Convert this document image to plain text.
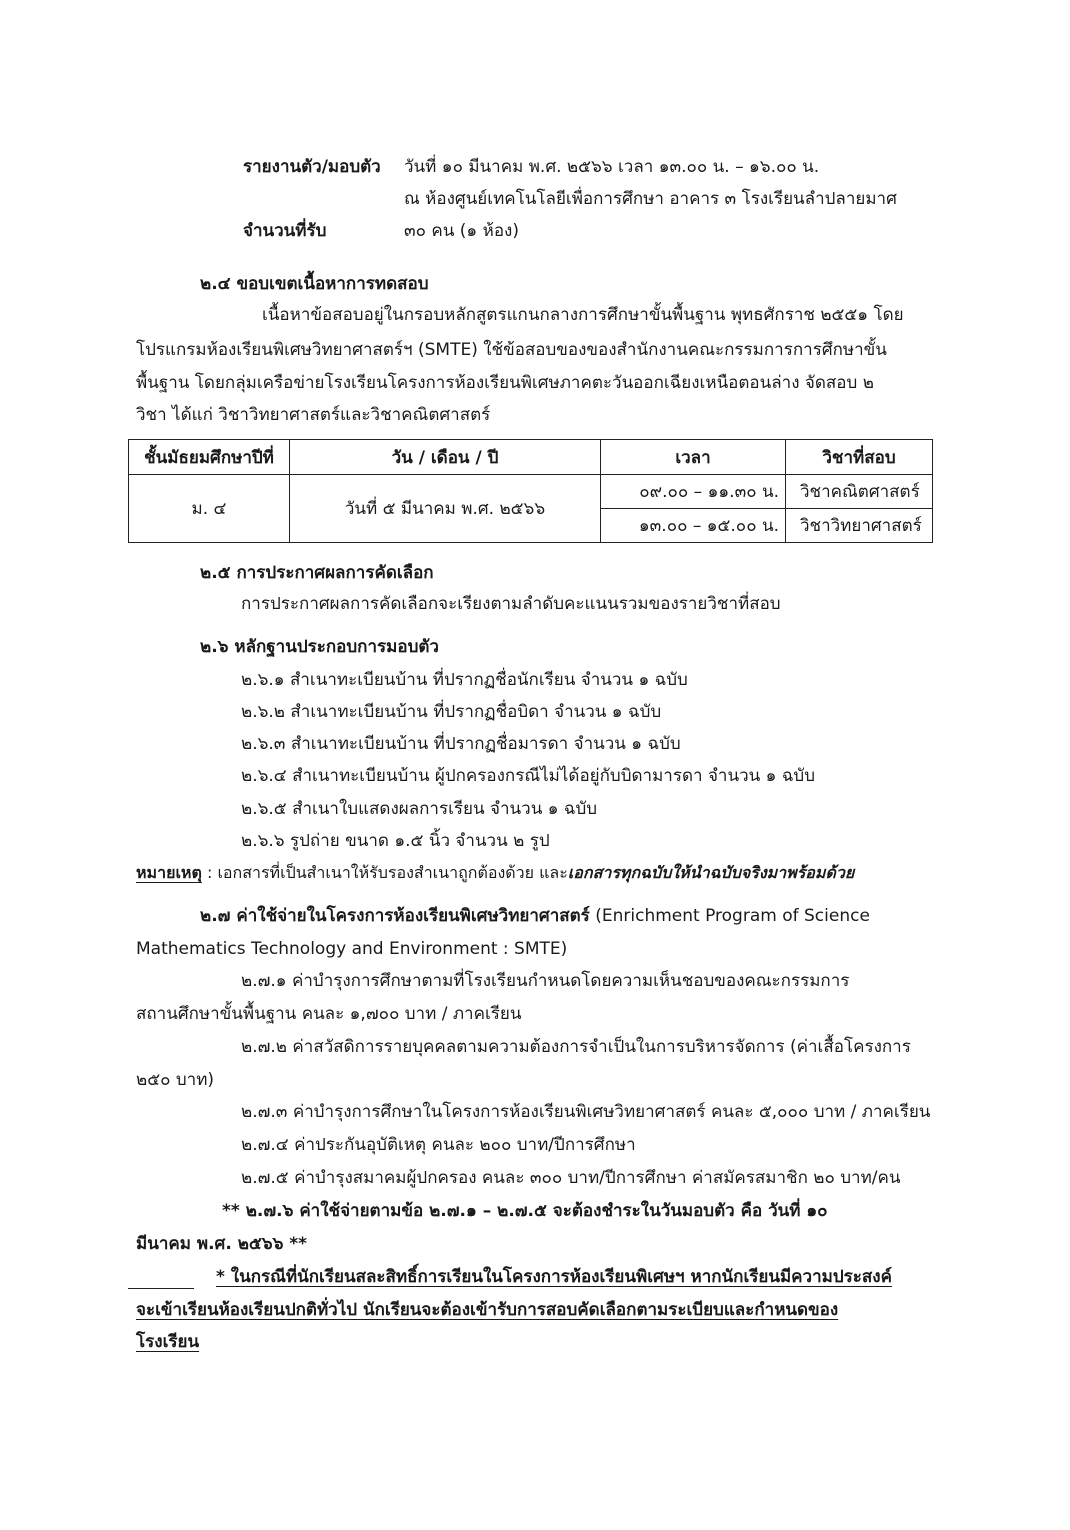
รายงานตัว/มอบตัว วันที่ ๑๐ มีนาคม พ.ศ. ๒๕๖๖ เวลา ๑๓.๐๐ น. – ๑๖.๐๐ น.
ณ ห้องศูนย์เทคโนโลยีเพื่อการศึกษา อาคาร ๓ โรงเรียนลำปลายมาศ
จำนวนที่รับ	๓๐ คน (๑ ห้อง)
๒.๔ ขอบเขตเนื้อหาการทดสอบ
เนื้อหาข้อสอบอยู่ในกรอบหลักสูตรแกนกลางการศึกษาขั้นพื้นฐาน พุทธศักราช ๒๕๕๑ โดย
โปรแกรมห้องเรียนพิเศษวิทยาศาสตร์ฯ (SMTE) ใช้ข้อสอบของของสำนักงานคณะกรรมการการศึกษาขั้น
พื้นฐาน โดยกลุ่มเครือข่ายโรงเรียนโครงการห้องเรียนพิเศษภาคตะวันออกเฉียงเหนือตอนล่าง จัดสอบ ๒
วิชา ได้แก่ วิชาวิทยาศาสตร์และวิชาคณิตศาสตร์
ชั้นมัธยมศึกษาปีที่	วัน / เดือน / ปี	เวลา	วิชาที่สอบ
ม. ๔	วันที่ ๕ มีนาคม พ.ศ. ๒๕๖๖	๐๙.๐๐ – ๑๑.๓๐ น.	วิชาคณิตศาสตร์
		๑๓.๐๐ – ๑๕.๐๐ น.	วิชาวิทยาศาสตร์
๒.๕ การประกาศผลการคัดเลือก
การประกาศผลการคัดเลือกจะเรียงตามลำดับคะแนนรวมของรายวิชาที่สอบ
๒.๖ หลักฐานประกอบการมอบตัว
๒.๖.๑ สำเนาทะเบียนบ้าน ที่ปรากฏชื่อนักเรียน จำนวน ๑ ฉบับ
๒.๖.๒ สำเนาทะเบียนบ้าน ที่ปรากฏชื่อบิดา จำนวน ๑ ฉบับ
๒.๖.๓ สำเนาทะเบียนบ้าน ที่ปรากฏชื่อมารดา จำนวน ๑ ฉบับ
๒.๖.๔ สำเนาทะเบียนบ้าน ผู้ปกครองกรณีไม่ได้อยู่กับบิดามารดา จำนวน ๑ ฉบับ
๒.๖.๕ สำเนาใบแสดงผลการเรียน จำนวน ๑ ฉบับ
๒.๖.๖ รูปถ่าย ขนาด ๑.๕ นิ้ว จำนวน ๒ รูป
หมายเหตุ : เอกสารที่เป็นสำเนาให้รับรองสำเนาถูกต้องด้วย และเอกสารทุกฉบับให้นำฉบับจริงมาพร้อมด้วย
๒.๗ ค่าใช้จ่ายในโครงการห้องเรียนพิเศษวิทยาศาสตร์ (Enrichment Program of Science
Mathematics Technology and Environment : SMTE)
๒.๗.๑ ค่าบำรุงการศึกษาตามที่โรงเรียนกำหนดโดยความเห็นชอบของคณะกรรมการ
สถานศึกษาขั้นพื้นฐาน คนละ ๑,๗๐๐ บาท / ภาคเรียน
๒.๗.๒ ค่าสวัสดิการรายบุคคลตามความต้องการจำเป็นในการบริหารจัดการ (ค่าเสื้อโครงการ
๒๕๐ บาท)
๒.๗.๓ ค่าบำรุงการศึกษาในโครงการห้องเรียนพิเศษวิทยาศาสตร์ คนละ ๕,๐๐๐ บาท / ภาคเรียน
๒.๗.๔ ค่าประกันอุบัติเหตุ คนละ ๒๐๐ บาท/ปีการศึกษา
๒.๗.๕ ค่าบำรุงสมาคมผู้ปกครอง คนละ ๓๐๐ บาท/ปีการศึกษา ค่าสมัครสมาชิก ๒๐ บาท/คน
** ๒.๗.๖ ค่าใช้จ่ายตามข้อ ๒.๗.๑ – ๒.๗.๕ จะต้องชำระในวันมอบตัว คือ วันที่ ๑๐
มีนาคม พ.ศ. ๒๕๖๖ **
* ในกรณีที่นักเรียนสละสิทธิ์การเรียนในโครงการห้องเรียนพิเศษฯ หากนักเรียนมีความประสงค์
จะเข้าเรียนห้องเรียนปกติทั่วไป นักเรียนจะต้องเข้ารับการสอบคัดเลือกตามระเบียบและกำหนดของ
โรงเรียน
